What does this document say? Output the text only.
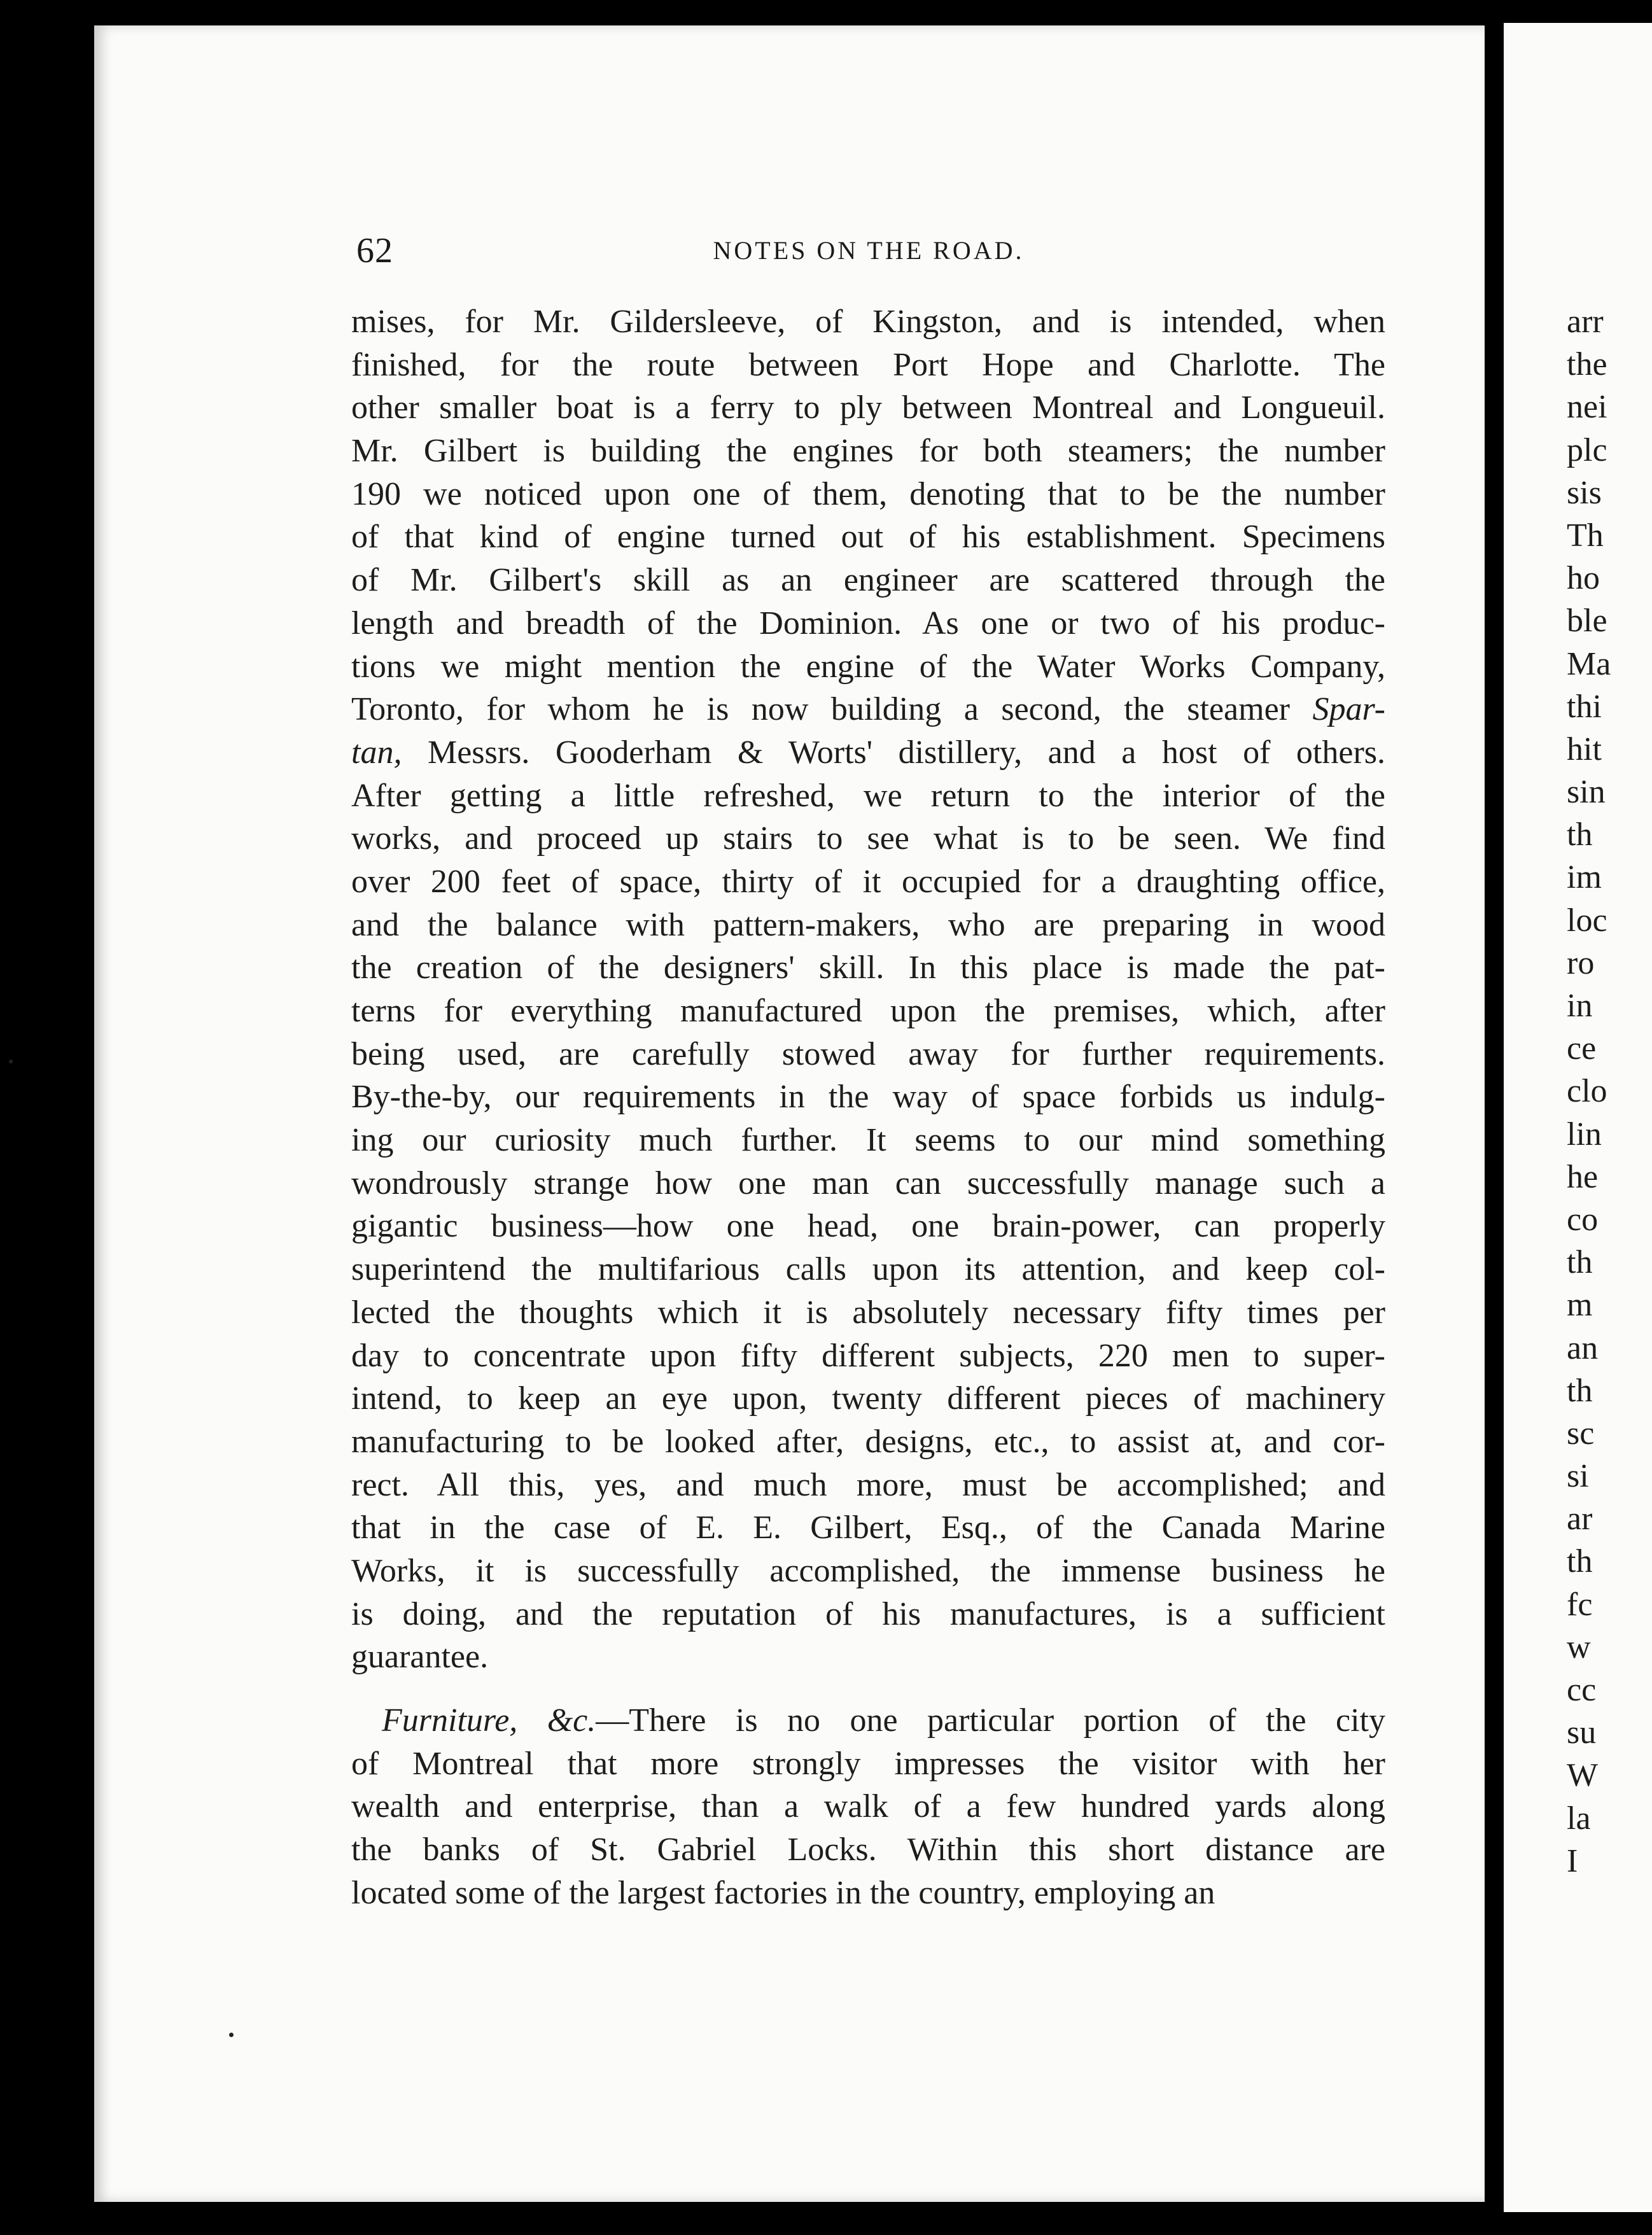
62	NOTES ON THE ROAD.
mises, for Mr. Gildersleeve, of Kingston, and is intended, when
finished, for the route between Port Hope and Charlotte. The
other smaller boat is a ferry to ply between Montreal and Longueuil.
Mr. Gilbert is building the engines for both steamers; the number
190 we noticed upon one of them, denoting that to be the number
of that kind of engine turned out of his establishment. Specimens
of Mr. Gilbert's skill as an engineer are scattered through the
length and breadth of the Dominion. As one or two of his produc-
tions we might mention the engine of the Water Works Company,
Toronto, for whom he is now building a second, the steamer Spar-
tan, Messrs. Gooderham & Worts' distillery, and a host of others.
After getting a little refreshed, we return to the interior of the
works, and proceed up stairs to see what is to be seen. We find
over 200 feet of space, thirty of it occupied for a draughting office,
and the balance with pattern-makers, who are preparing in wood
the creation of the designers' skill. In this place is made the pat-
terns for everything manufactured upon the premises, which, after
being used, are carefully stowed away for further requirements.
By-the-by, our requirements in the way of space forbids us indulg-
ing our curiosity much further. It seems to our mind something
wondrously strange how one man can successfully manage such a
gigantic business—how one head, one brain-power, can properly
superintend the multifarious calls upon its attention, and keep col-
lected the thoughts which it is absolutely necessary fifty times per
day to concentrate upon fifty different subjects, 220 men to super-
intend, to keep an eye upon, twenty different pieces of machinery
manufacturing to be looked after, designs, etc., to assist at, and cor-
rect. All this, yes, and much more, must be accomplished; and
that in the case of E. E. Gilbert, Esq., of the Canada Marine
Works, it is successfully accomplished, the immense business he
is doing, and the reputation of his manufactures, is a sufficient
guarantee.
Furniture, &c.—There is no one particular portion of the city
of Montreal that more strongly impresses the visitor with her
wealth and enterprise, than a walk of a few hundred yards along
the banks of St. Gabriel Locks. Within this short distance are
located some of the largest factories in the country, employing an
arr
the
nei
plc
sis
Th
ho
ble
Ma
thi
hit
sin
th
im
loc
ro
in
ce
clo
lin
he
co
th
m
an
th
sc
si
ar
th
fc
w
cc
su
W
la
I
